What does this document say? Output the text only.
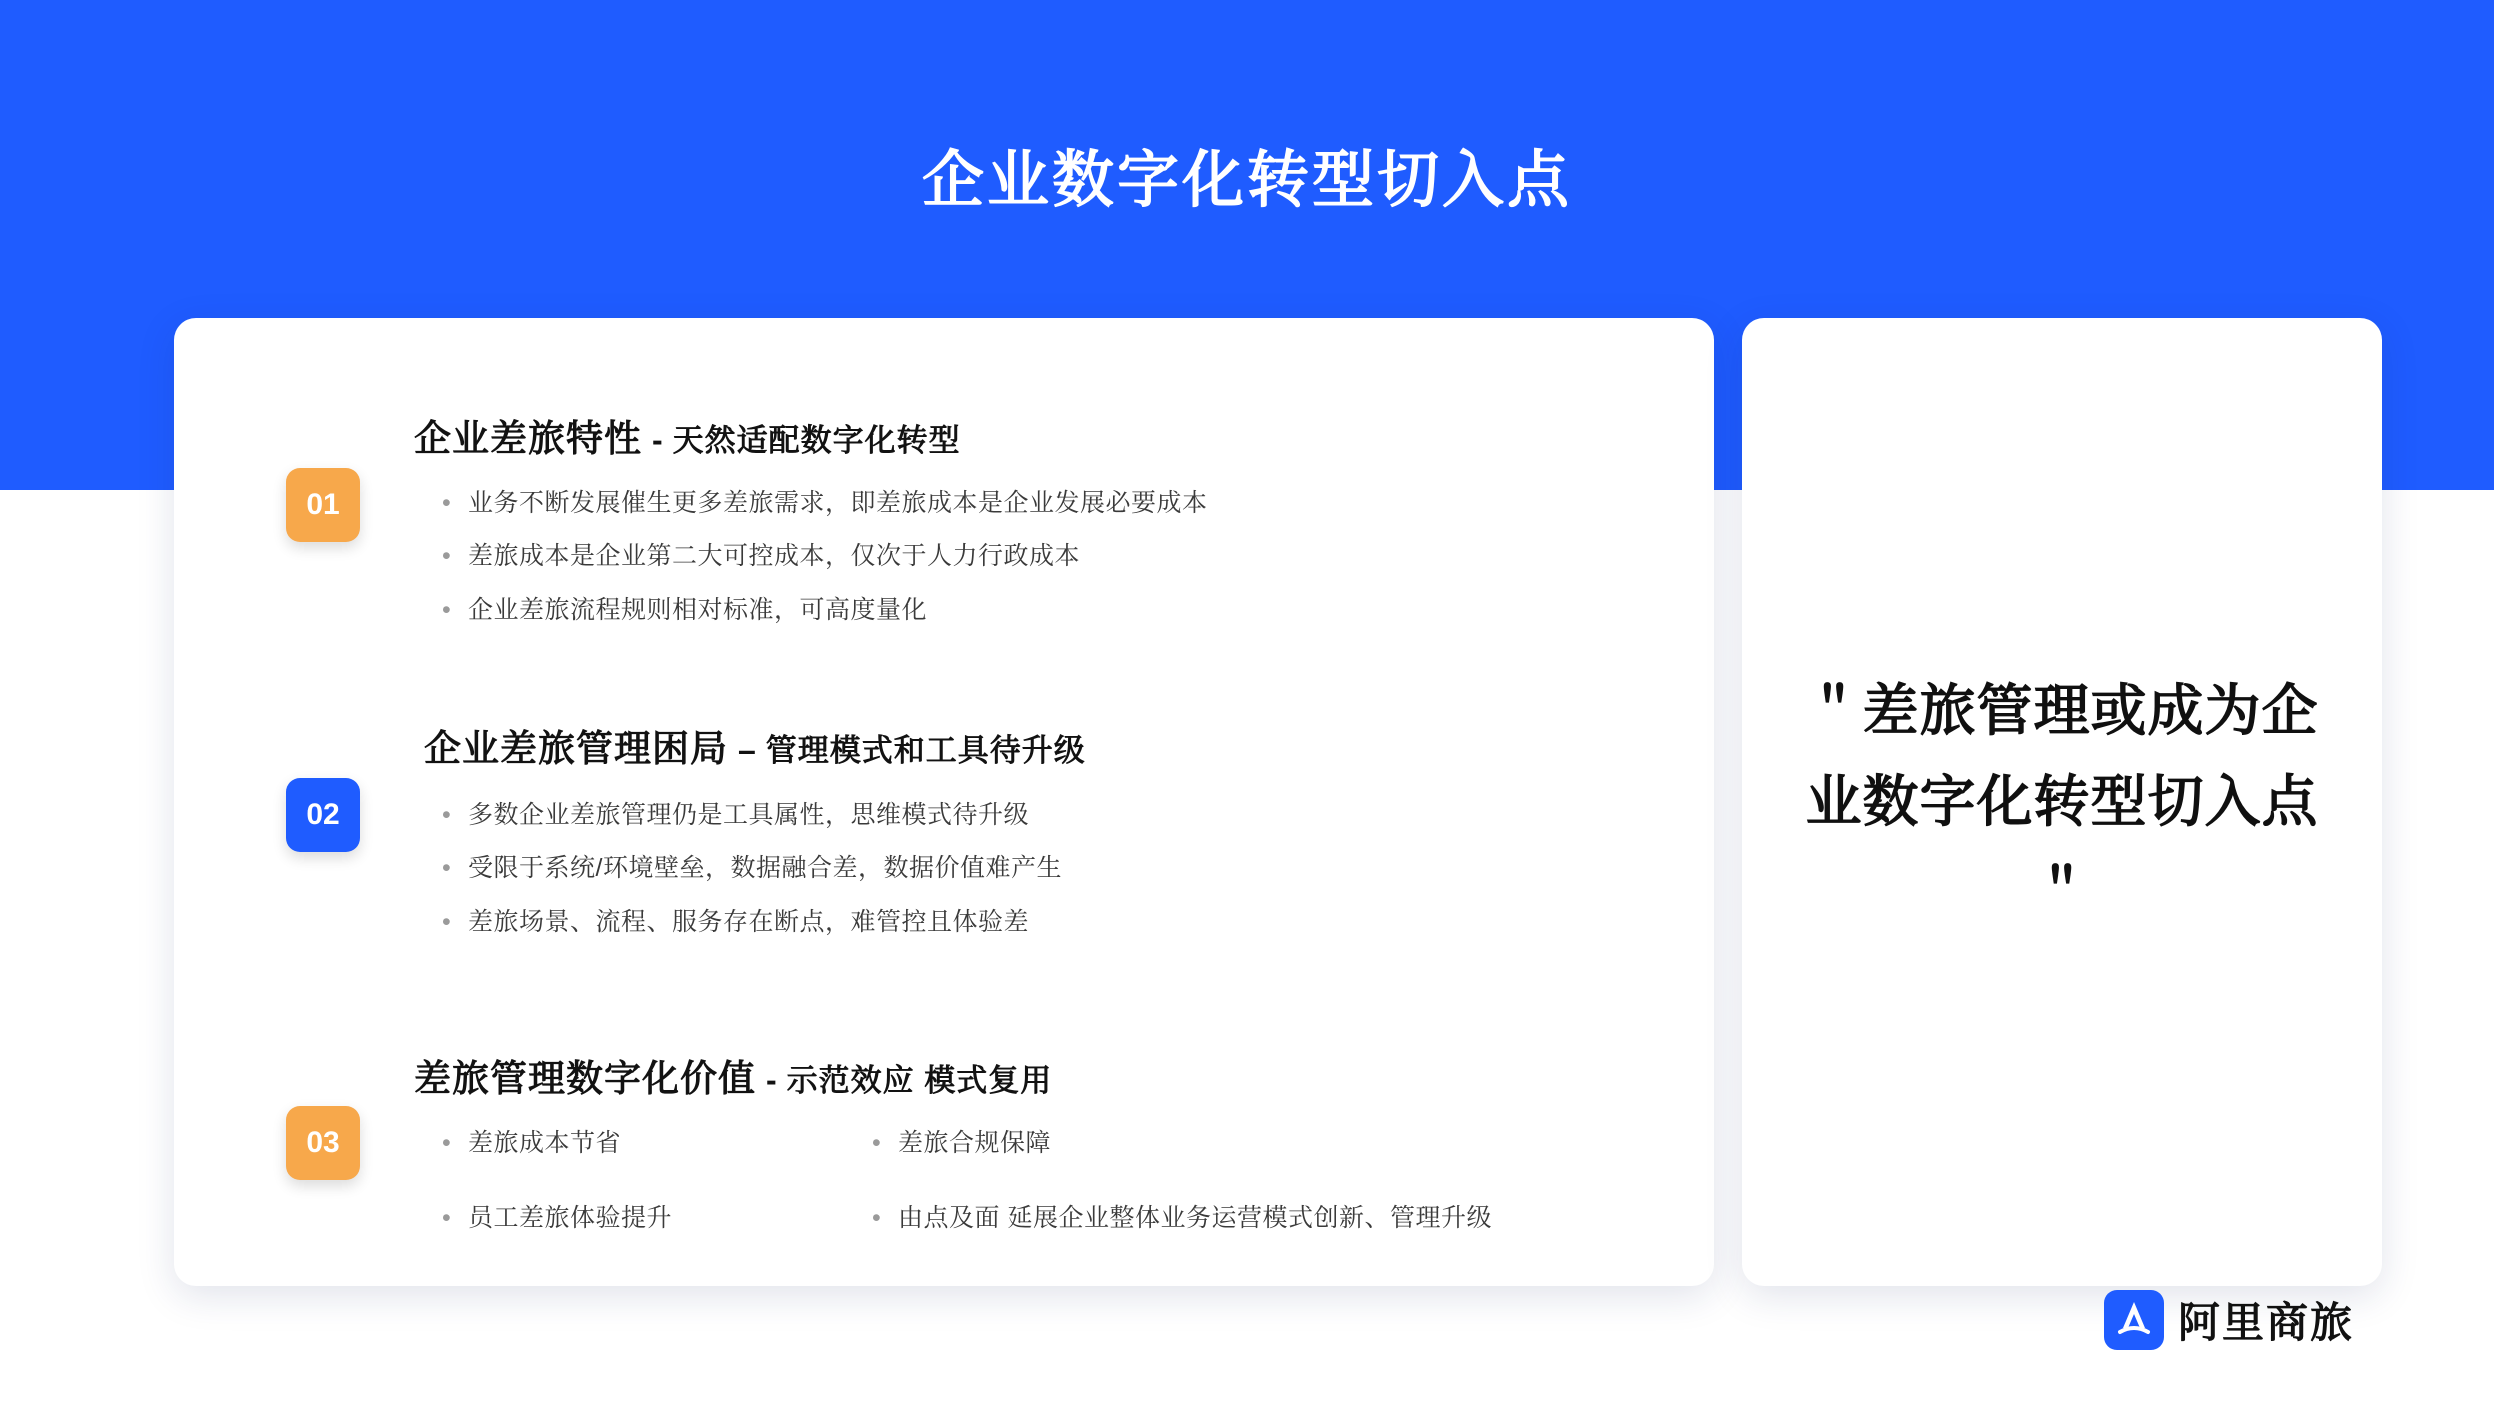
企业数字化转型切入点
01
企业差旅特性 - 天然适配数字化转型
• 业务不断发展催生更多差旅需求，即差旅成本是企业发展必要成本
• 差旅成本是企业第二大可控成本，仅次于人力行政成本
• 企业差旅流程规则相对标准，可高度量化
02
企业差旅管理困局 – 管理模式和工具待升级
• 多数企业差旅管理仍是工具属性，思维模式待升级
• 受限于系统/环境壁垒，数据融合差，数据价值难产生
• 差旅场景、流程、服务存在断点，难管控且体验差
03
差旅管理数字化价值 - 示范效应 模式复用
• 差旅成本节省	• 差旅合规保障
• 员工差旅体验提升	• 由点及面 延展企业整体业务运营模式创新、管理升级
＂差旅管理或成为企业数字化转型切入点＂
阿里商旅
